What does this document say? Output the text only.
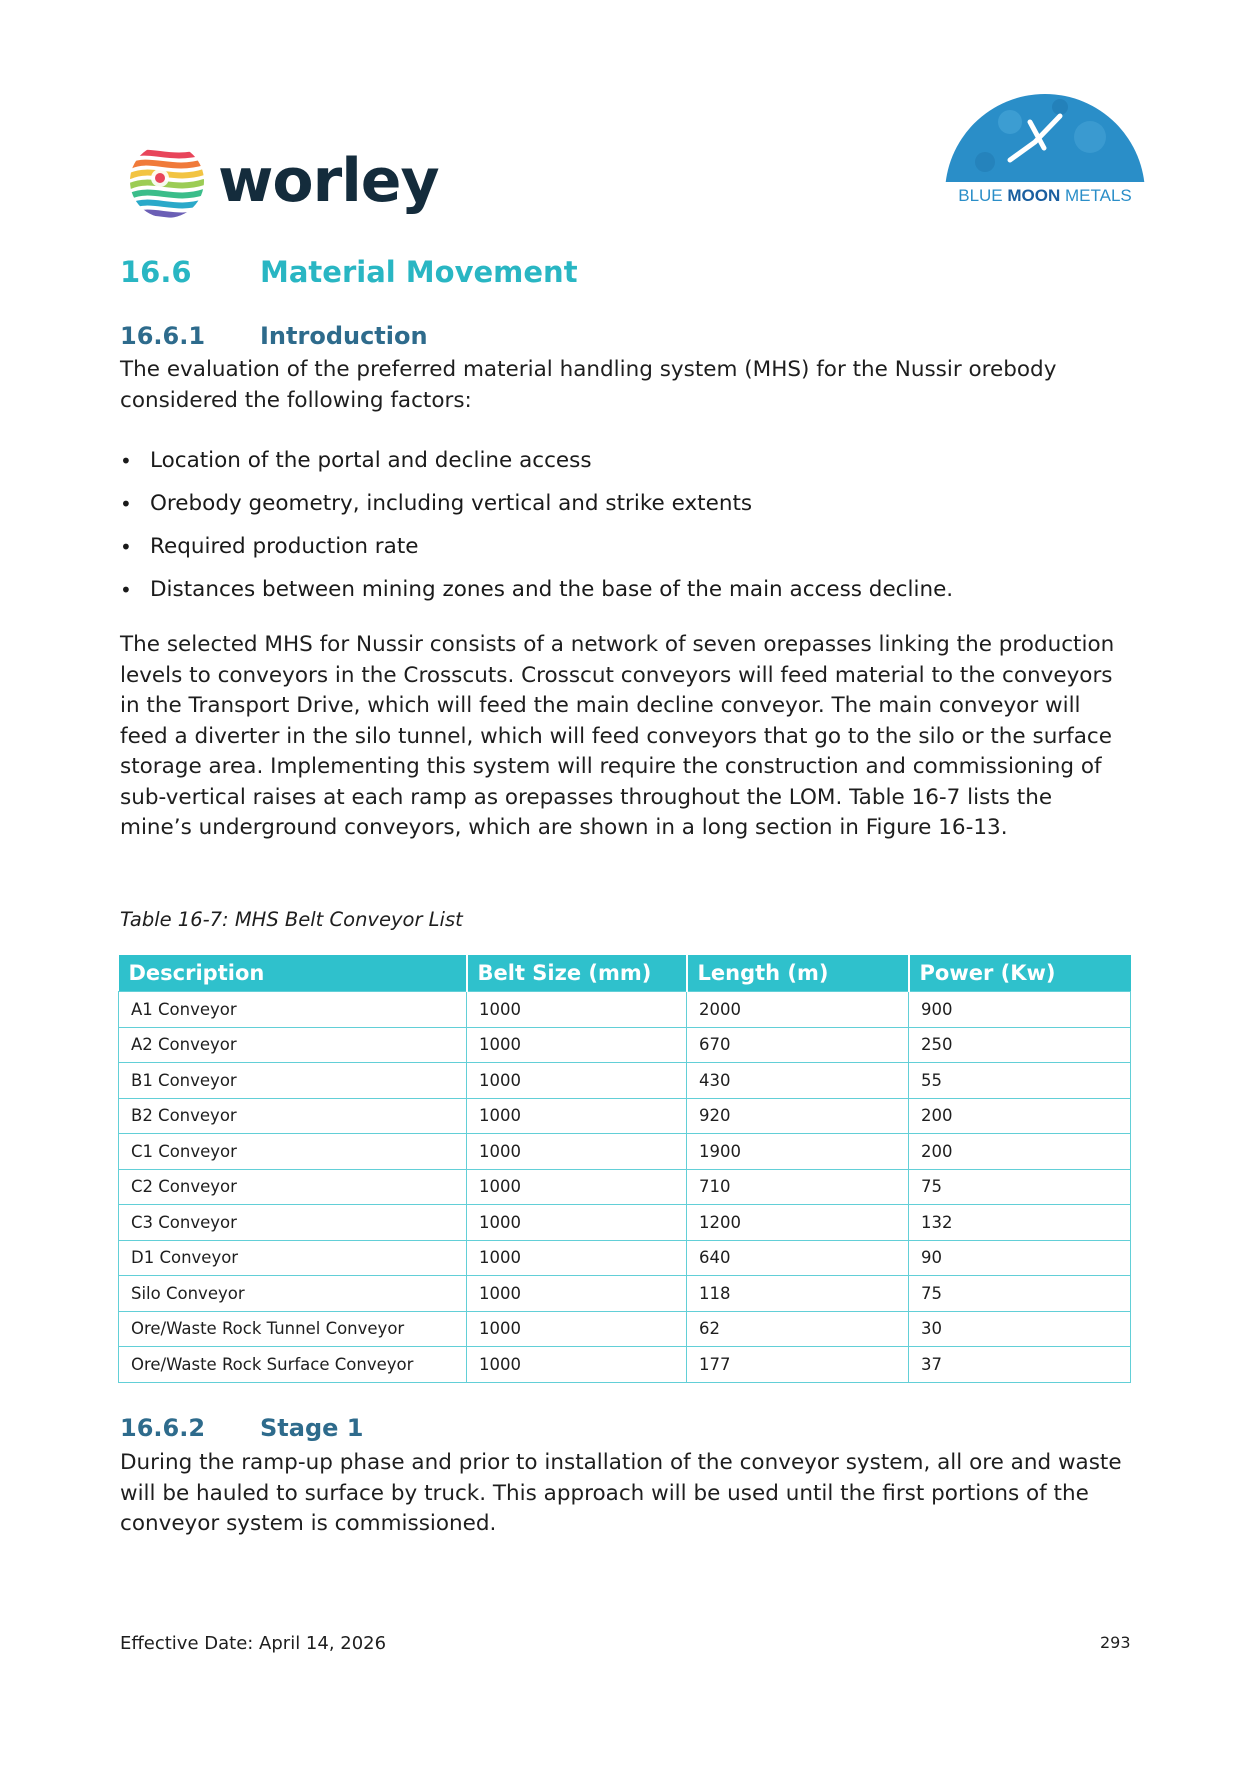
worley	BLUE MOON METALS
16.6 Material Movement
16.6.1 Introduction
The evaluation of the preferred material handling system (MHS) for the Nussir orebody considered the following factors:
• Location of the portal and decline access
• Orebody geometry, including vertical and strike extents
• Required production rate
• Distances between mining zones and the base of the main access decline.
The selected MHS for Nussir consists of a network of seven orepasses linking the production levels to conveyors in the Crosscuts. Crosscut conveyors will feed material to the conveyors in the Transport Drive, which will feed the main decline conveyor. The main conveyor will feed a diverter in the silo tunnel, which will feed conveyors that go to the silo or the surface storage area. Implementing this system will require the construction and commissioning of sub-vertical raises at each ramp as orepasses throughout the LOM. Table 16-7 lists the mine’s underground conveyors, which are shown in a long section in Figure 16-13.
Table 16-7: MHS Belt Conveyor List
Description	Belt Size (mm)	Length (m)	Power (Kw)
A1 Conveyor	1000	2000	900
A2 Conveyor	1000	670	250
B1 Conveyor	1000	430	55
B2 Conveyor	1000	920	200
C1 Conveyor	1000	1900	200
C2 Conveyor	1000	710	75
C3 Conveyor	1000	1200	132
D1 Conveyor	1000	640	90
Silo Conveyor	1000	118	75
Ore/Waste Rock Tunnel Conveyor	1000	62	30
Ore/Waste Rock Surface Conveyor	1000	177	37
16.6.2 Stage 1
During the ramp-up phase and prior to installation of the conveyor system, all ore and waste will be hauled to surface by truck. This approach will be used until the first portions of the conveyor system is commissioned.
Effective Date: April 14, 2026	293
